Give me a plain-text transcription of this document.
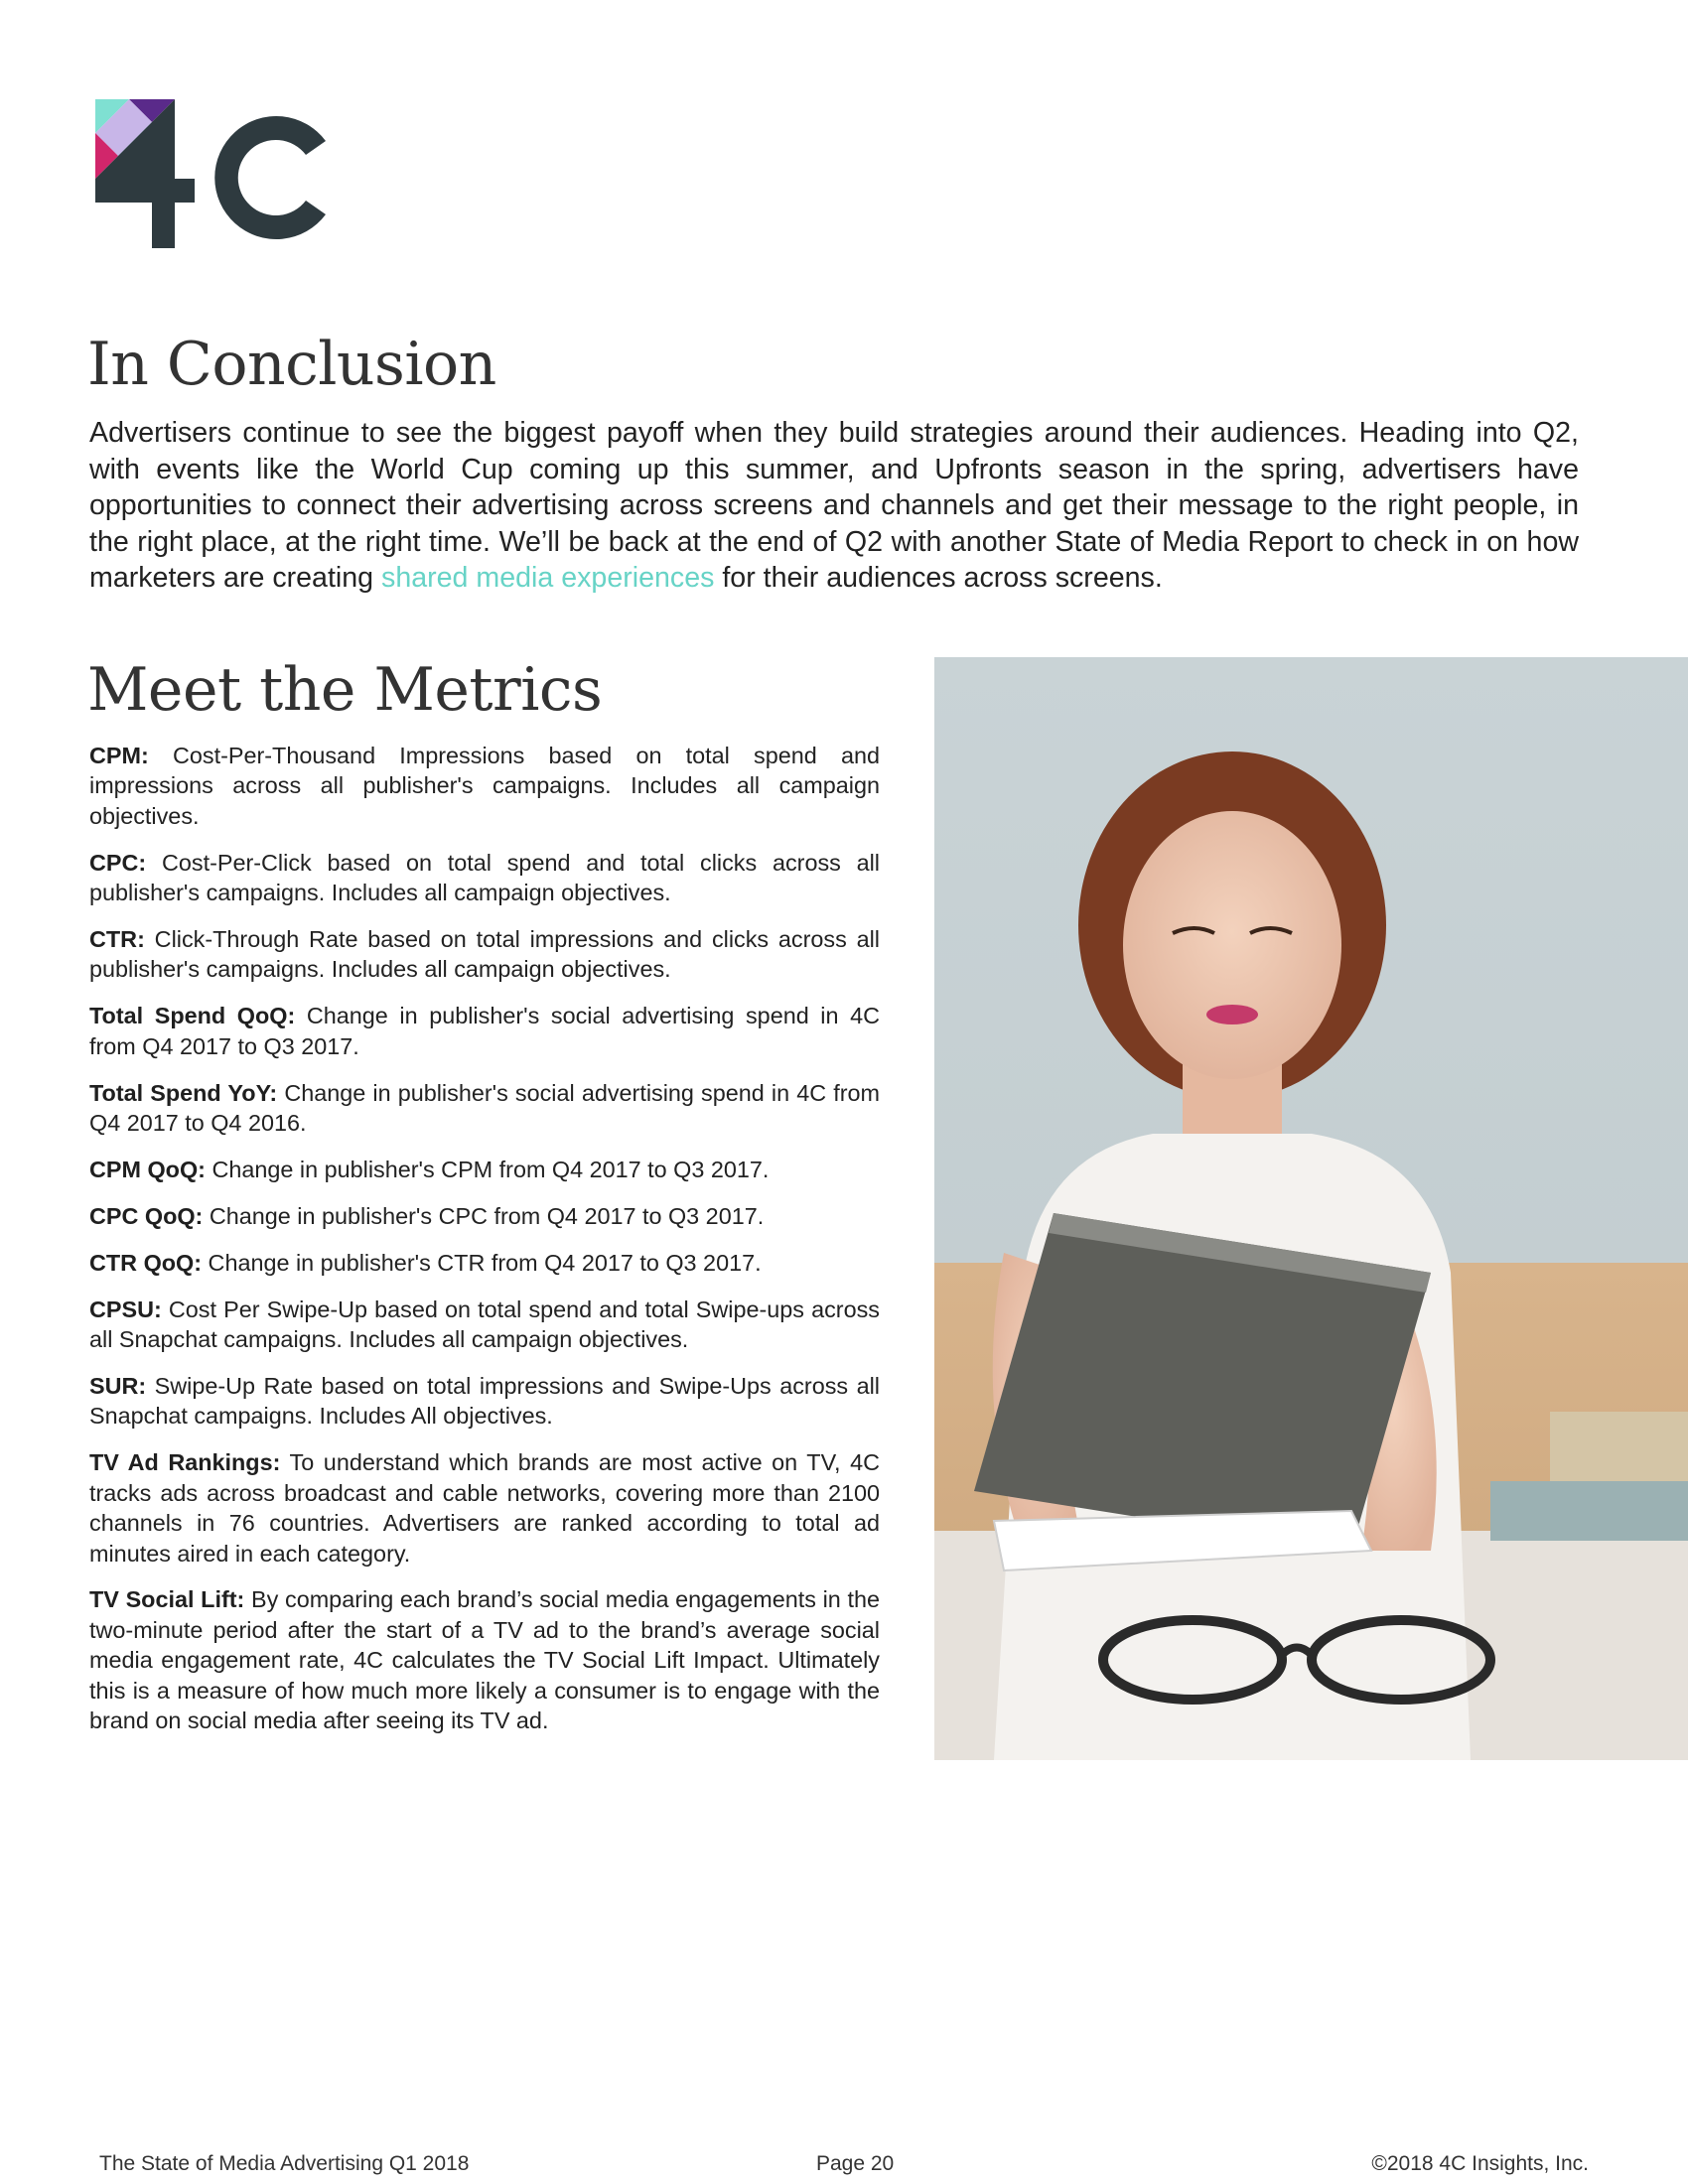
In Conclusion

Advertisers continue to see the biggest payoff when they build strategies around their audiences. Heading into Q2, with events like the World Cup coming up this summer, and Upfronts season in the spring, advertisers have opportunities to connect their advertising across screens and channels and get their message to the right people, in the right place, at the right time. We’ll be back at the end of Q2 with another State of Media Report to check in on how marketers are creating shared media experiences for their audiences across screens.

Meet the Metrics
CPM: Cost-Per-Thousand Impressions based on total spend and impressions across all publisher's campaigns. Includes all campaign objectives.
CPC: Cost-Per-Click based on total spend and total clicks across all publisher's campaigns. Includes all campaign objectives.
CTR: Click-Through Rate based on total impressions and clicks across all publisher's campaigns. Includes all campaign objectives.
Total Spend QoQ: Change in publisher's social advertising spend in 4C from Q4 2017 to Q3 2017.
Total Spend YoY: Change in publisher's social advertising spend in 4C from Q4 2017 to Q4 2016.
CPM QoQ: Change in publisher's CPM from Q4 2017 to Q3 2017.
CPC QoQ: Change in publisher's CPC from Q4 2017 to Q3 2017.
CTR QoQ: Change in publisher's CTR from Q4 2017 to Q3 2017.
CPSU: Cost Per Swipe-Up based on total spend and total Swipe-ups across all Snapchat campaigns. Includes all campaign objectives.
SUR: Swipe-Up Rate based on total impressions and Swipe-Ups across all Snapchat campaigns. Includes All objectives.
TV Ad Rankings: To understand which brands are most active on TV, 4C tracks ads across broadcast and cable networks, covering more than 2100 channels in 76 countries. Advertisers are ranked according to total ad minutes aired in each category.
TV Social Lift: By comparing each brand’s social media engagements in the two-minute period after the start of a TV ad to the brand’s average social media engagement rate, 4C calculates the TV Social Lift Impact. Ultimately this is a measure of how much more likely a consumer is to engage with the brand on social media after seeing its TV ad.
The State of Media Advertising Q1 2018	Page 20	©2018 4C Insights, Inc.
